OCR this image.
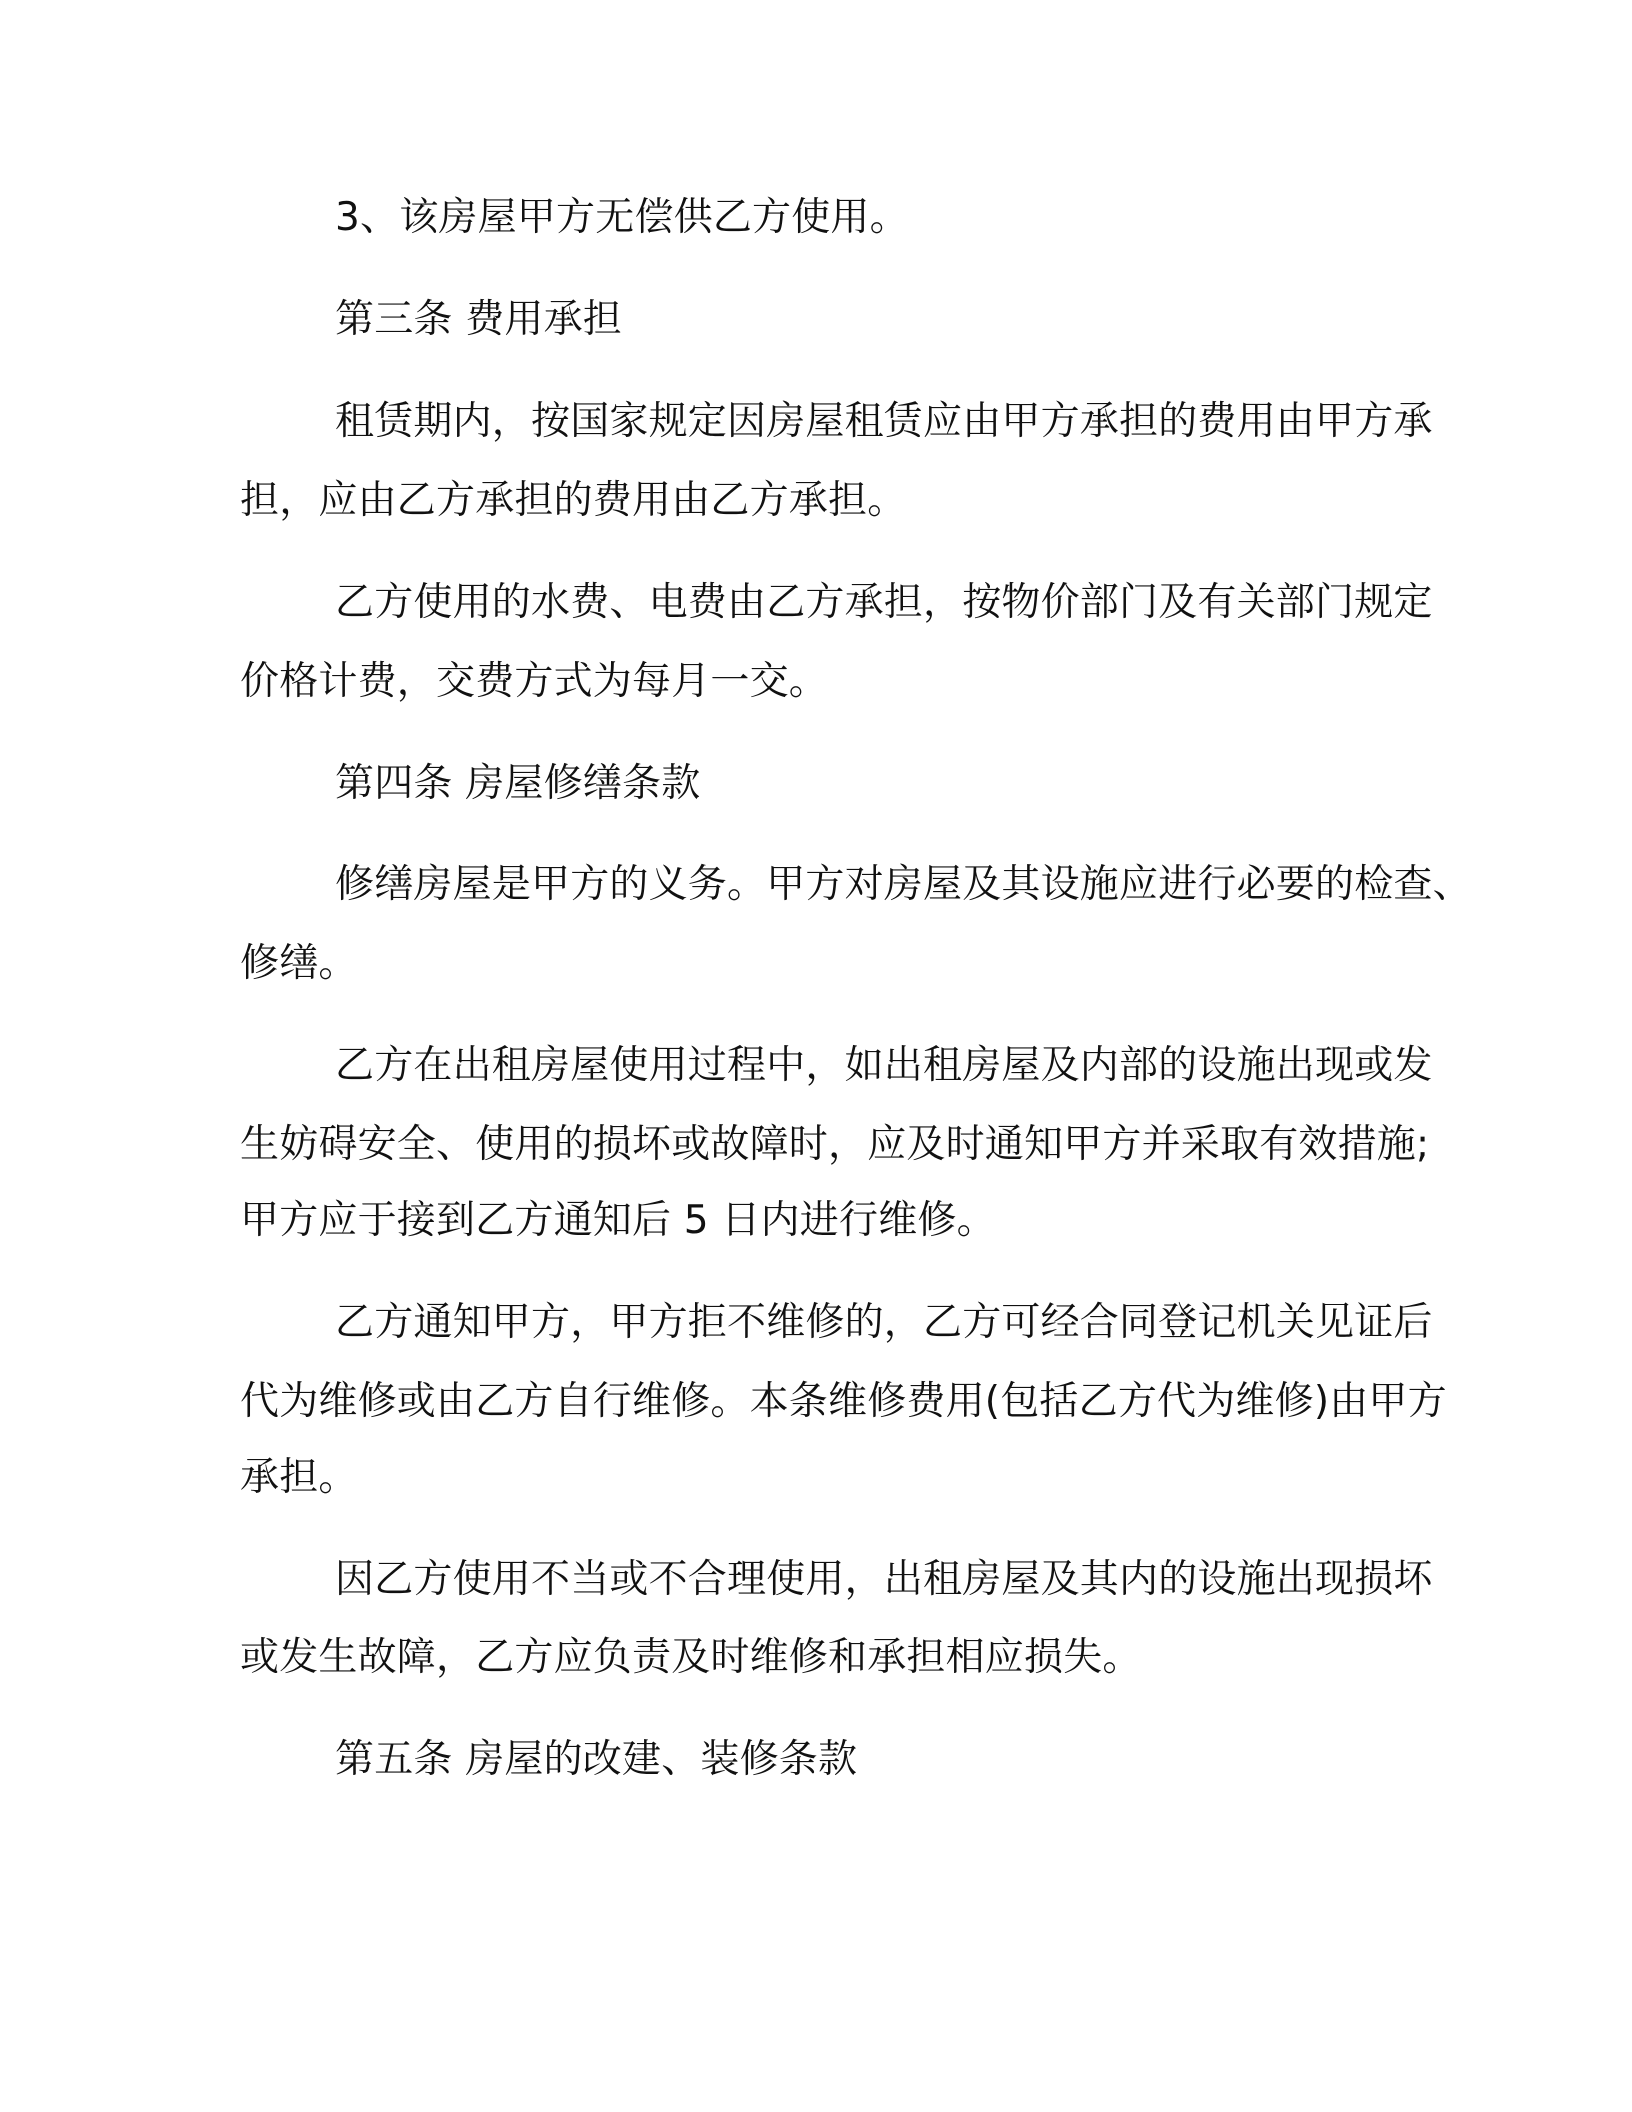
3、该房屋甲方无偿供乙方使用。
第三条 费用承担
租赁期内，按国家规定因房屋租赁应由甲方承担的费用由甲方承
担，应由乙方承担的费用由乙方承担。
乙方使用的水费、电费由乙方承担，按物价部门及有关部门规定
价格计费，交费方式为每月一交。
第四条 房屋修缮条款
修缮房屋是甲方的义务。甲方对房屋及其设施应进行必要的检查、
修缮。
乙方在出租房屋使用过程中，如出租房屋及内部的设施出现或发
生妨碍安全、使用的损坏或故障时，应及时通知甲方并采取有效措施;
甲方应于接到乙方通知后 5 日内进行维修。
乙方通知甲方，甲方拒不维修的，乙方可经合同登记机关见证后
代为维修或由乙方自行维修。本条维修费用(包括乙方代为维修)由甲方
承担。
因乙方使用不当或不合理使用，出租房屋及其内的设施出现损坏
或发生故障，乙方应负责及时维修和承担相应损失。
第五条 房屋的改建、装修条款
